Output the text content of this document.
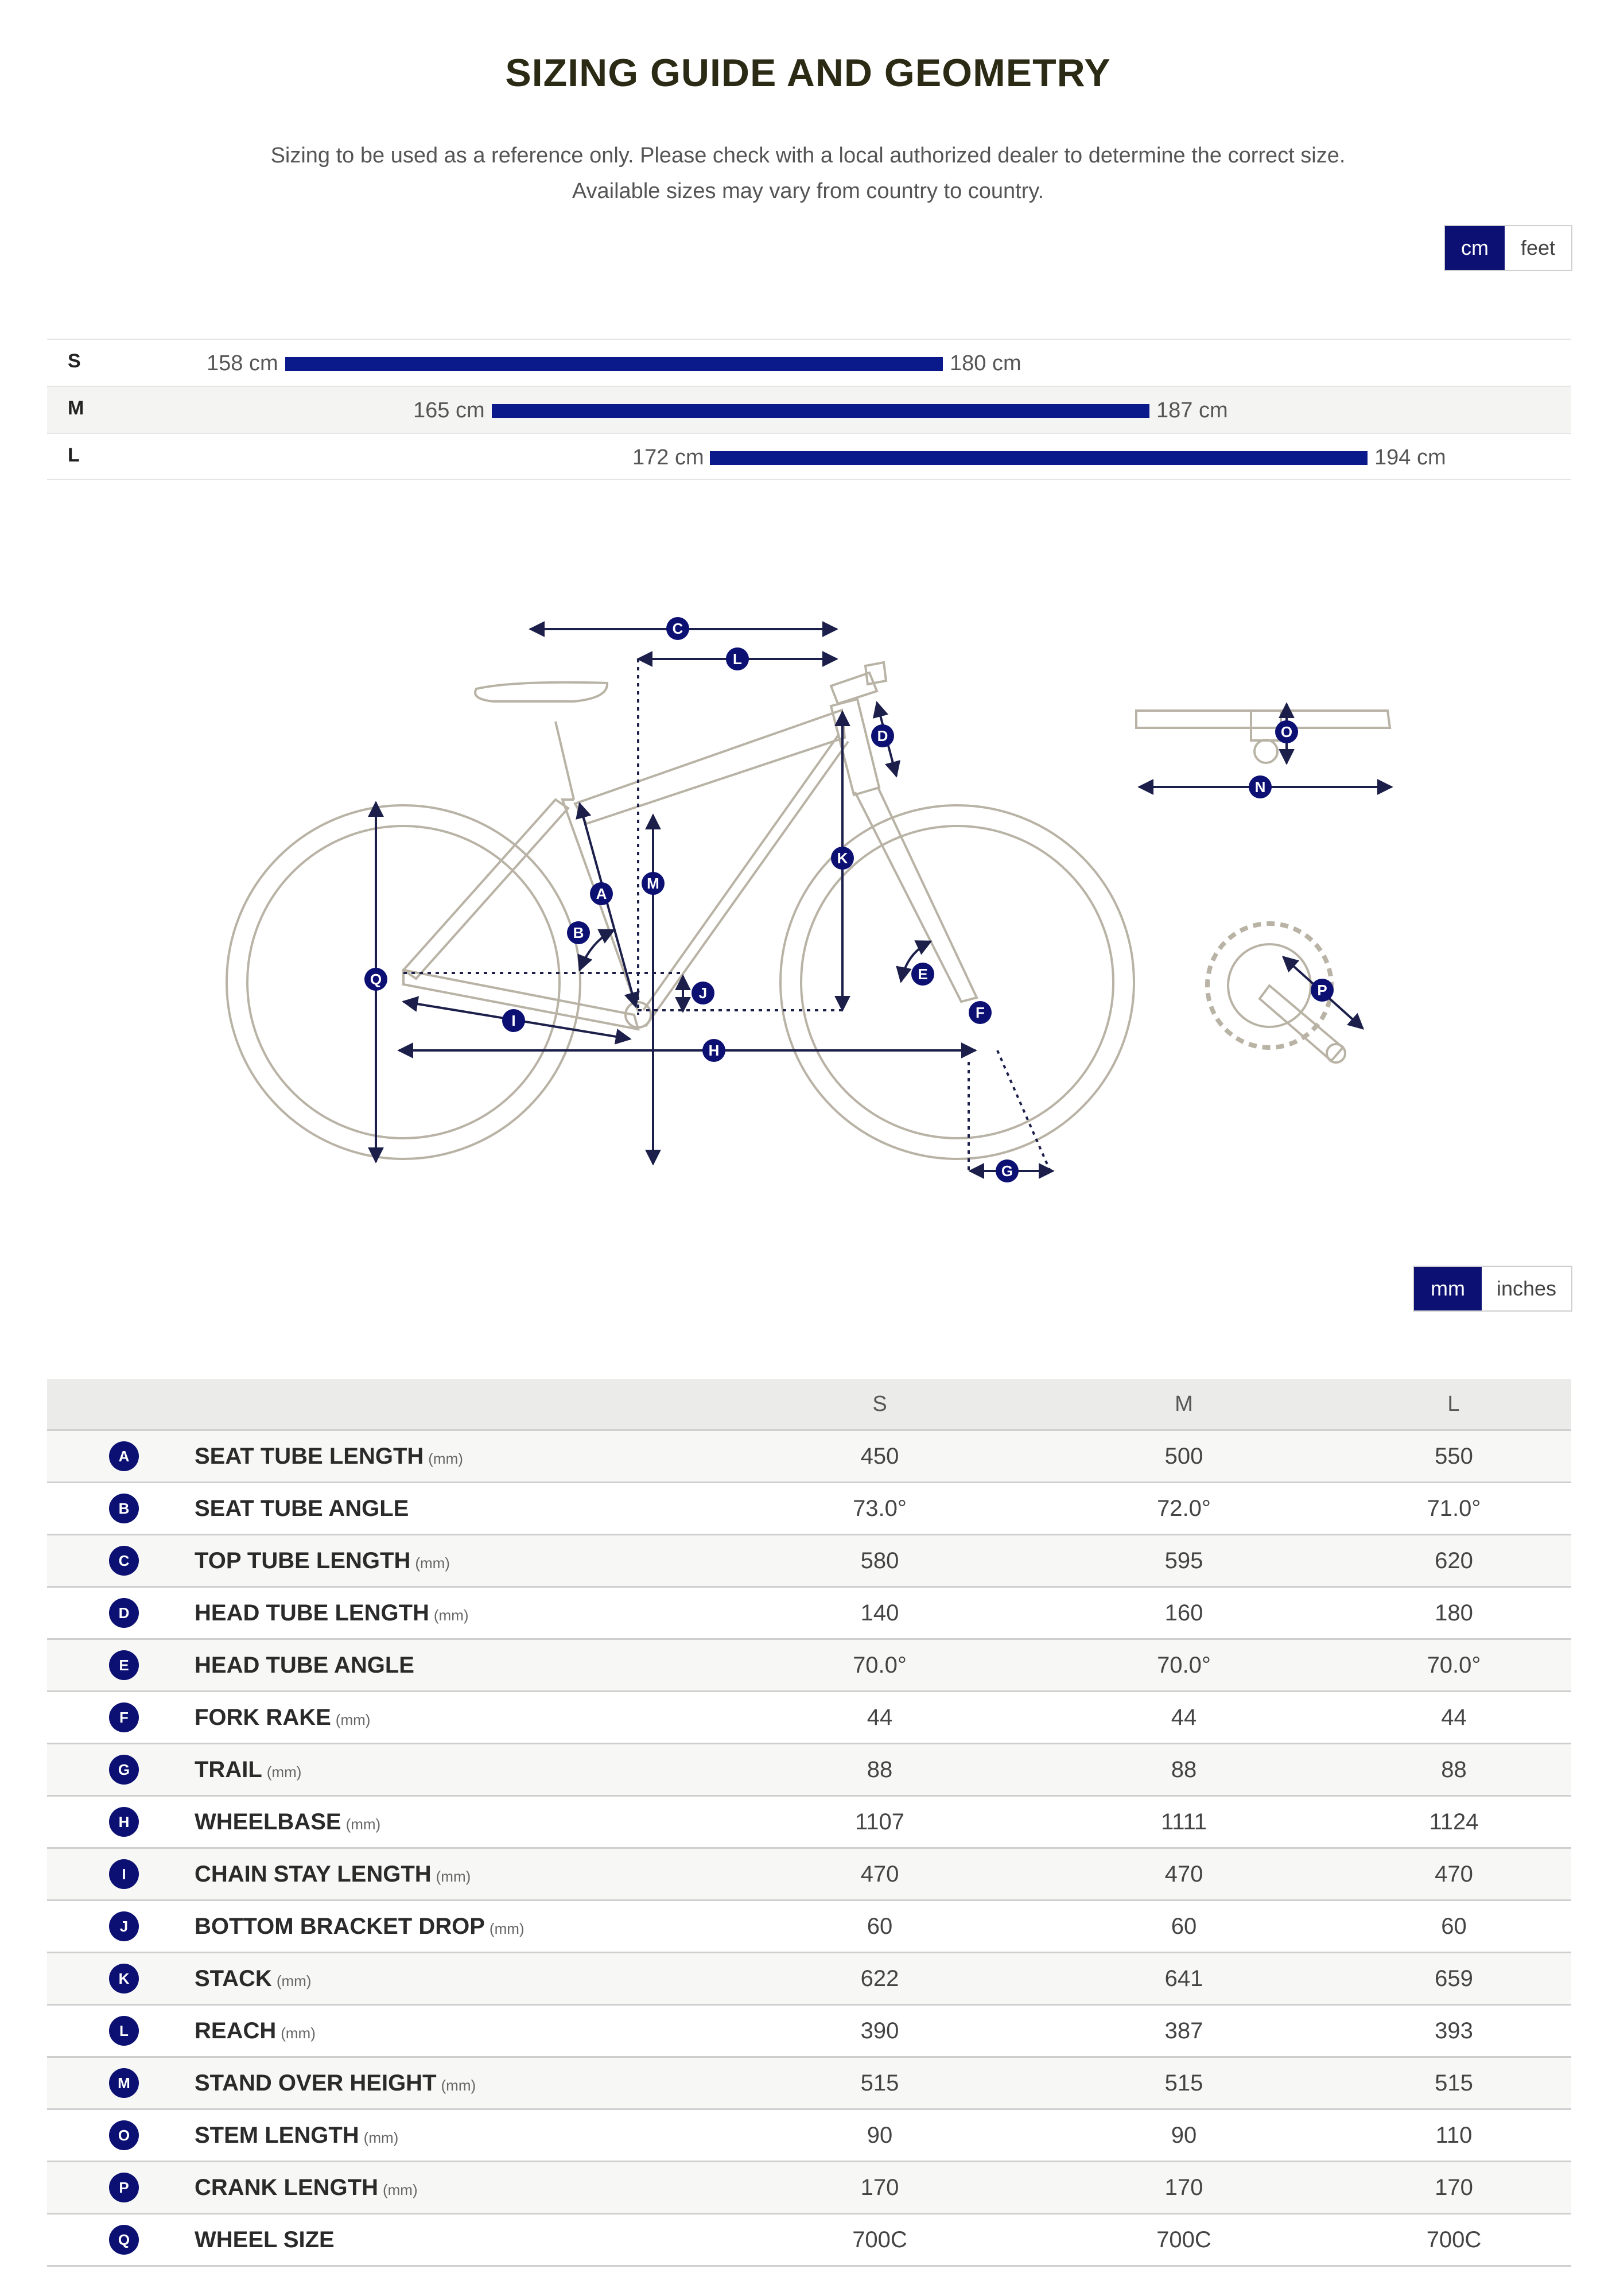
SIZING GUIDE AND GEOMETRY
Sizing to be used as a reference only. Please check with a local authorized dealer to determine the correct size.
Available sizes may vary from country to country.
cm	feet
S	158 cm	180 cm
M	165 cm	187 cm
L	172 cm	194 cm
C
L
D
K
M
A
B
Q
J
E
F
I
H
G
O
N
P
mm	inches
		S	M	L
A	SEAT TUBE LENGTH (mm)	450	500	550
B	SEAT TUBE ANGLE	73.0°	72.0°	71.0°
C	TOP TUBE LENGTH (mm)	580	595	620
D	HEAD TUBE LENGTH (mm)	140	160	180
E	HEAD TUBE ANGLE	70.0°	70.0°	70.0°
F	FORK RAKE (mm)	44	44	44
G	TRAIL (mm)	88	88	88
H	WHEELBASE (mm)	1107	1111	1124
I	CHAIN STAY LENGTH (mm)	470	470	470
J	BOTTOM BRACKET DROP (mm)	60	60	60
K	STACK (mm)	622	641	659
L	REACH (mm)	390	387	393
M	STAND OVER HEIGHT (mm)	515	515	515
O	STEM LENGTH (mm)	90	90	110
P	CRANK LENGTH (mm)	170	170	170
Q	WHEEL SIZE	700C	700C	700C
